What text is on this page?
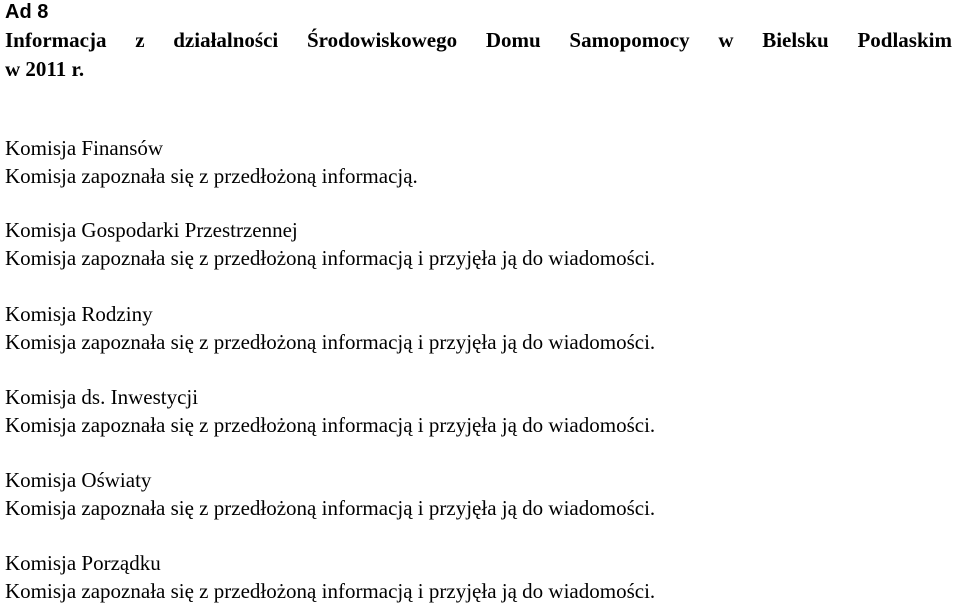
Ad 8

Informacja z działalności Środowiskowego Domu Samopomocy w Bielsku Podlaskim

w 2011 r.

Komisja Finansów

Komisja zapoznała się z przedłożoną informacją.

Komisja Gospodarki Przestrzennej

Komisja zapoznała się z przedłożoną informacją i przyjęła ją do wiadomości.

Komisja Rodziny

Komisja zapoznała się z przedłożoną informacją i przyjęła ją do wiadomości.

Komisja ds. Inwestycji

Komisja zapoznała się z przedłożoną informacją i przyjęła ją do wiadomości.

Komisja Oświaty

Komisja zapoznała się z przedłożoną informacją i przyjęła ją do wiadomości.

Komisja Porządku

Komisja zapoznała się z przedłożoną informacją i przyjęła ją do wiadomości.
